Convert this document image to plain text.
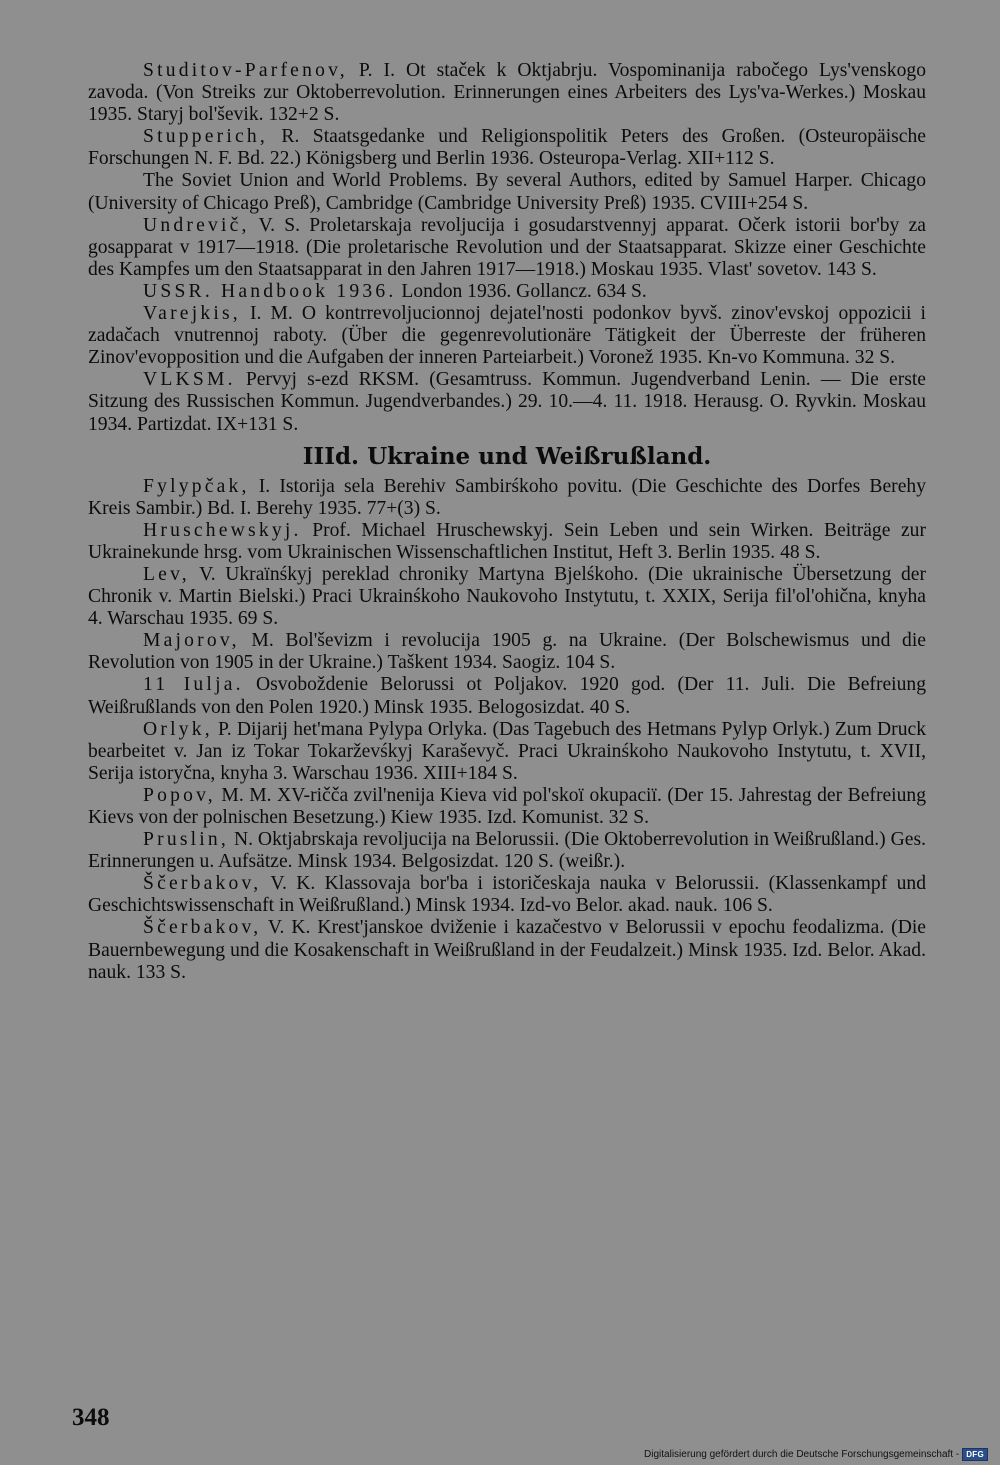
Studitov-Parfenov, P. I. Ot staček k Oktjabrju. Vospominanija rabočego Lys'venskogo zavoda. (Von Streiks zur Oktoberrevolution. Erinnerungen eines Arbeiters des Lys'va-Werkes.) Moskau 1935. Staryj bol'ševik. 132+2 S.

Stupperich, R. Staatsgedanke und Religionspolitik Peters des Großen. (Osteuropäische Forschungen N. F. Bd. 22.) Königsberg und Berlin 1936. Osteuropa-Verlag. XII+112 S.

The Soviet Union and World Problems. By several Authors, edited by Samuel Harper. Chicago (University of Chicago Preß), Cambridge (Cambridge University Preß) 1935. CVIII+254 S.

Undrevič, V. S. Proletarskaja revoljucija i gosudarstvennyj apparat. Očerk istorii bor'by za gosapparat v 1917—1918. (Die proletarische Revolution und der Staatsapparat. Skizze einer Geschichte des Kampfes um den Staatsapparat in den Jahren 1917—1918.) Moskau 1935. Vlast' sovetov. 143 S.

USSR. Handbook 1936. London 1936. Gollancz. 634 S.

Varejkis, I. M. O kontrrevoljucionnoj dejatel'nosti podonkov byvš. zinov'evskoj oppozicii i zadačach vnutrennoj raboty. (Über die gegenrevolutionäre Tätigkeit der Überreste der früheren Zinov'evopposition und die Aufgaben der inneren Parteiarbeit.) Voronež 1935. Kn-vo Kommuna. 32 S.

VLKSM. Pervyj s-ezd RKSM. (Gesamtruss. Kommun. Jugendverband Lenin. — Die erste Sitzung des Russischen Kommun. Jugendverbandes.) 29. 10.—4. 11. 1918. Herausg. O. Ryvkin. Moskau 1934. Partizdat. IX+131 S.

IIId. Ukraine und Weißrußland.

Fylypčak, I. Istorija sela Berehiv Sambirśkoho povitu. (Die Geschichte des Dorfes Berehy Kreis Sambir.) Bd. I. Berehy 1935. 77+(3) S.

Hruschewskyj. Prof. Michael Hruschewskyj. Sein Leben und sein Wirken. Beiträge zur Ukrainekunde hrsg. vom Ukrainischen Wissenschaftlichen Institut, Heft 3. Berlin 1935. 48 S.

Lev, V. Ukraïnśkyj pereklad chroniky Martyna Bjelśkoho. (Die ukrainische Übersetzung der Chronik v. Martin Bielski.) Praci Ukrainśkoho Naukovoho Instytutu, t. XXIX, Serija fil'ol'ohična, knyha 4. Warschau 1935. 69 S.

Majorov, M. Bol'ševizm i revolucija 1905 g. na Ukraine. (Der Bolschewismus und die Revolution von 1905 in der Ukraine.) Taškent 1934. Saogiz. 104 S.

11 Iulja. Osvoboždenie Belorussi ot Poljakov. 1920 god. (Der 11. Juli. Die Befreiung Weißrußlands von den Polen 1920.) Minsk 1935. Belogosizdat. 40 S.

Orlyk, P. Dijarij het'mana Pylypa Orlyka. (Das Tagebuch des Hetmans Pylyp Orlyk.) Zum Druck bearbeitet v. Jan iz Tokar Tokarževśkyj Karaševyč. Praci Ukrainśkoho Naukovoho Instytutu, t. XVII, Serija istoryčna, knyha 3. Warschau 1936. XIII+184 S.

Popov, M. M. XV-ričča zvil'nenija Kieva vid pol'skoï okupaciï. (Der 15. Jahrestag der Befreiung Kievs von der polnischen Besetzung.) Kiew 1935. Izd. Komunist. 32 S.

Pruslin, N. Oktjabrskaja revoljucija na Belorussii. (Die Oktoberrevolution in Weißrußland.) Ges. Erinnerungen u. Aufsätze. Minsk 1934. Belgosizdat. 120 S. (weißr.).

Ščerbakov, V. K. Klassovaja bor'ba i istoričeskaja nauka v Belorussii. (Klassenkampf und Geschichtswissenschaft in Weißrußland.) Minsk 1934. Izd-vo Belor. akad. nauk. 106 S.

Ščerbakov, V. K. Krest'janskoe dviženie i kazačestvo v Belorussii v epochu feodalizma. (Die Bauernbewegung und die Kosakenschaft in Weißrußland in der Feudalzeit.) Minsk 1935. Izd. Belor. Akad. nauk. 133 S.

348
Digitalisierung gefördert durch die Deutsche Forschungsgemeinschaft - DFG
